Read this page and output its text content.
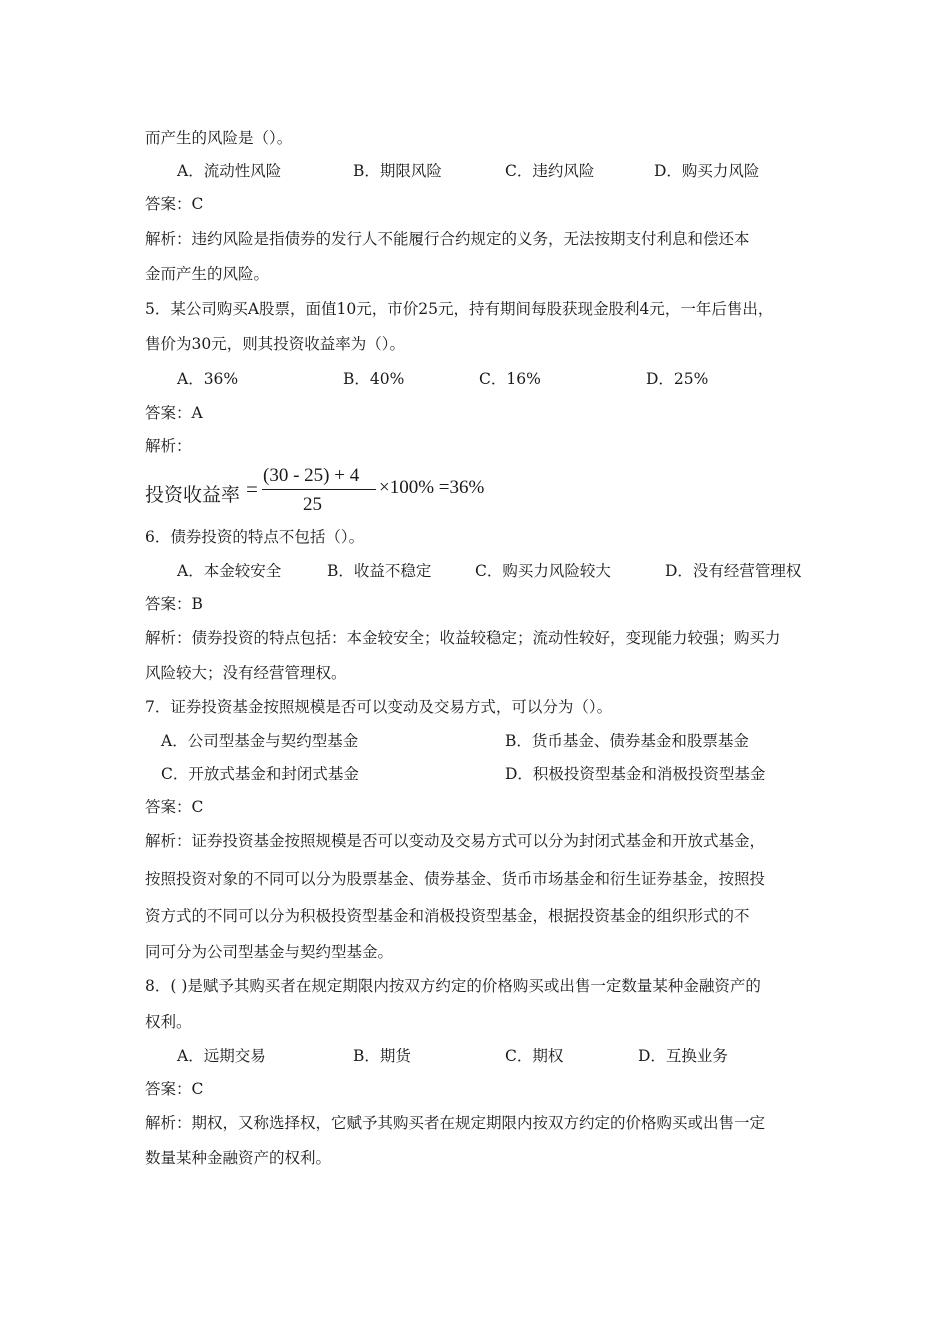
而产生的风险是（）。
A．流动性风险	B．期限风险	C．违约风险	D．购买力风险
答案：C
解析：违约风险是指债券的发行人不能履行合约规定的义务，无法按期支付利息和偿还本
金而产生的风险。
5．某公司购买A股票，面值10元，市价25元，持有期间每股获现金股利4元，一年后售出，
售价为30元，则其投资收益率为（）。
A．36%	B．40%	C．16%	D．25%
答案：A
解析：
投资收益率 =
(30 - 25) + 4
25
×100% =36%
6．债券投资的特点不包括（）。
A．本金较安全	B．收益不稳定	C．购买力风险较大	D．没有经营管理权
答案：B
解析：债券投资的特点包括：本金较安全；收益较稳定；流动性较好，变现能力较强；购买力
风险较大；没有经营管理权。
7．证券投资基金按照规模是否可以变动及交易方式，可以分为（）。
A．公司型基金与契约型基金	B．货币基金、债券基金和股票基金
C．开放式基金和封闭式基金	D．积极投资型基金和消极投资型基金
答案：C
解析：证券投资基金按照规模是否可以变动及交易方式可以分为封闭式基金和开放式基金，
按照投资对象的不同可以分为股票基金、债券基金、货币市场基金和衍生证券基金，按照投
资方式的不同可以分为积极投资型基金和消极投资型基金，根据投资基金的组织形式的不
同可分为公司型基金与契约型基金。
8．( )是赋予其购买者在规定期限内按双方约定的价格购买或出售一定数量某种金融资产的
权利。
A．远期交易	B．期货	C．期权	D．互换业务
答案：C
解析：期权，又称选择权，它赋予其购买者在规定期限内按双方约定的价格购买或出售一定
数量某种金融资产的权利。
